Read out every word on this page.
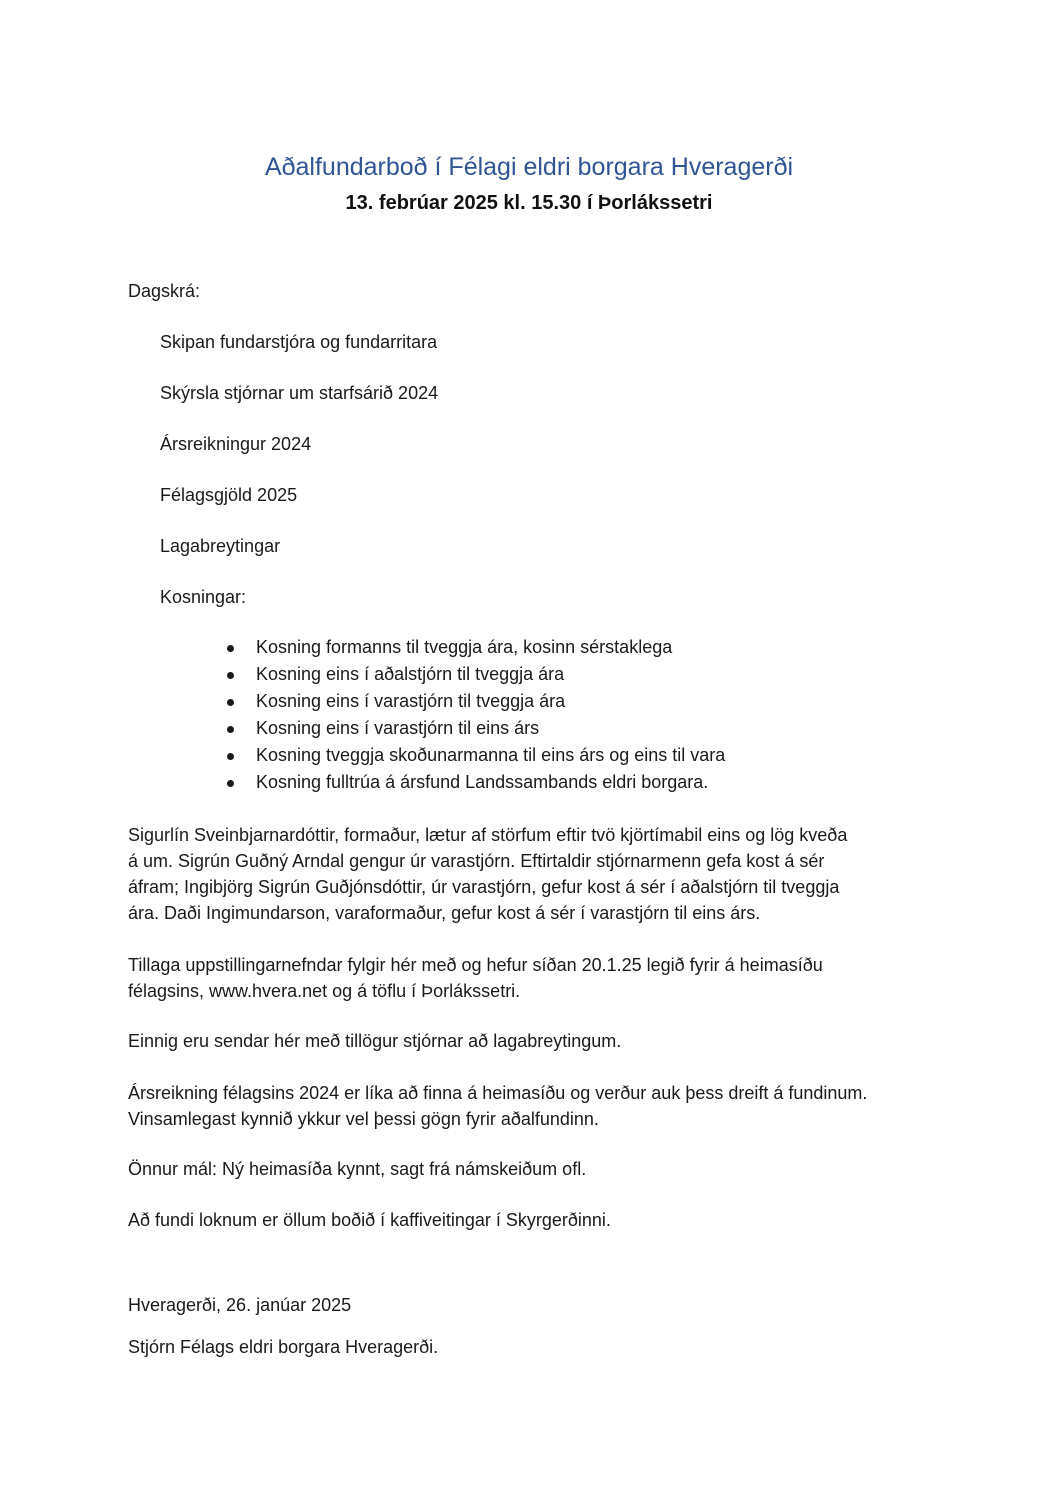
Aðalfundarboð í Félagi eldri borgara Hveragerði
13. febrúar 2025 kl. 15.30 í Þorlákssetri
Dagskrá:
Skipan fundarstjóra og fundarritara
Skýrsla stjórnar um starfsárið 2024
Ársreikningur 2024
Félagsgjöld 2025
Lagabreytingar
Kosningar:
Kosning formanns til tveggja ára, kosinn sérstaklega
Kosning eins í aðalstjórn til tveggja ára
Kosning eins í varastjórn til tveggja ára
Kosning eins í varastjórn til eins árs
Kosning tveggja skoðunarmanna til eins árs og eins til vara
Kosning fulltrúa á ársfund Landssambands eldri borgara.
Sigurlín Sveinbjarnardóttir, formaður, lætur af störfum eftir tvö kjörtímabil eins og lög kveða
á um. Sigrún Guðný Arndal gengur úr varastjórn. Eftirtaldir stjórnarmenn gefa kost á sér
áfram; Ingibjörg Sigrún Guðjónsdóttir, úr varastjórn, gefur kost á sér í aðalstjórn til tveggja
ára. Daði Ingimundarson, varaformaður, gefur kost á sér í varastjórn til eins árs.
Tillaga uppstillingarnefndar fylgir hér með og hefur síðan 20.1.25 legið fyrir á heimasíðu
félagsins, www.hvera.net og á töflu í Þorlákssetri.
Einnig eru sendar hér með tillögur stjórnar að lagabreytingum.
Ársreikning félagsins 2024 er líka að finna á heimasíðu og verður auk þess dreift á fundinum.
Vinsamlegast kynnið ykkur vel þessi gögn fyrir aðalfundinn.
Önnur mál: Ný heimasíða kynnt, sagt frá námskeiðum ofl.
Að fundi loknum er öllum boðið í kaffiveitingar í Skyrgerðinni.
Hveragerði, 26. janúar 2025
Stjórn Félags eldri borgara Hveragerði.
